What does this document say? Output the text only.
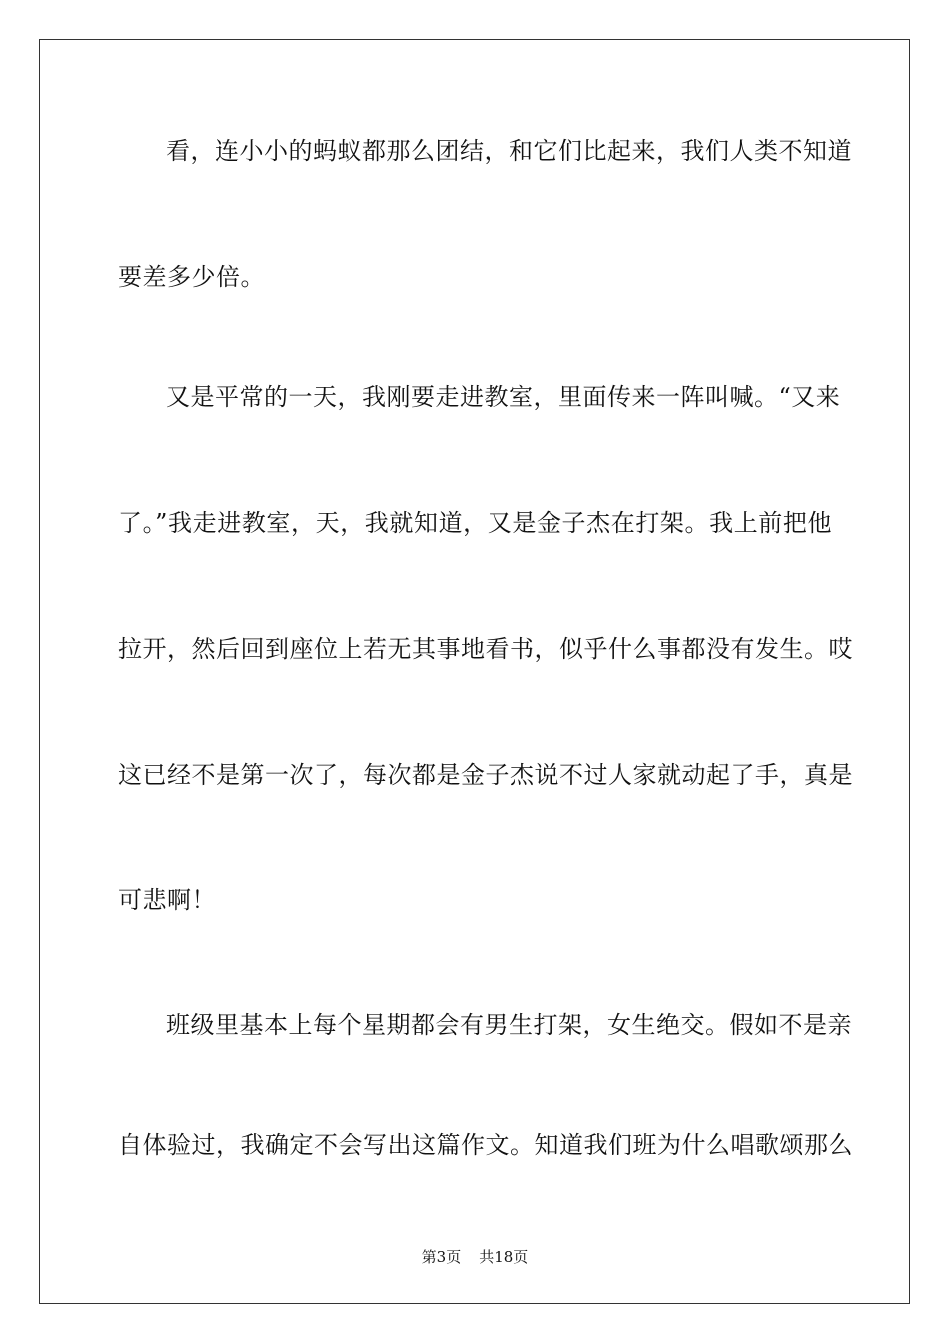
看，连小小的蚂蚁都那么团结，和它们比起来，我们人类不知道
要差多少倍。
又是平常的一天，我刚要走进教室，里面传来一阵叫喊。“又来
了。”我走进教室，天，我就知道，又是金子杰在打架。我上前把他
拉开，然后回到座位上若无其事地看书，似乎什么事都没有发生。哎
这已经不是第一次了，每次都是金子杰说不过人家就动起了手，真是
可悲啊！
班级里基本上每个星期都会有男生打架，女生绝交。假如不是亲
自体验过，我确定不会写出这篇作文。知道我们班为什么唱歌颂那么
第3页 共18页
